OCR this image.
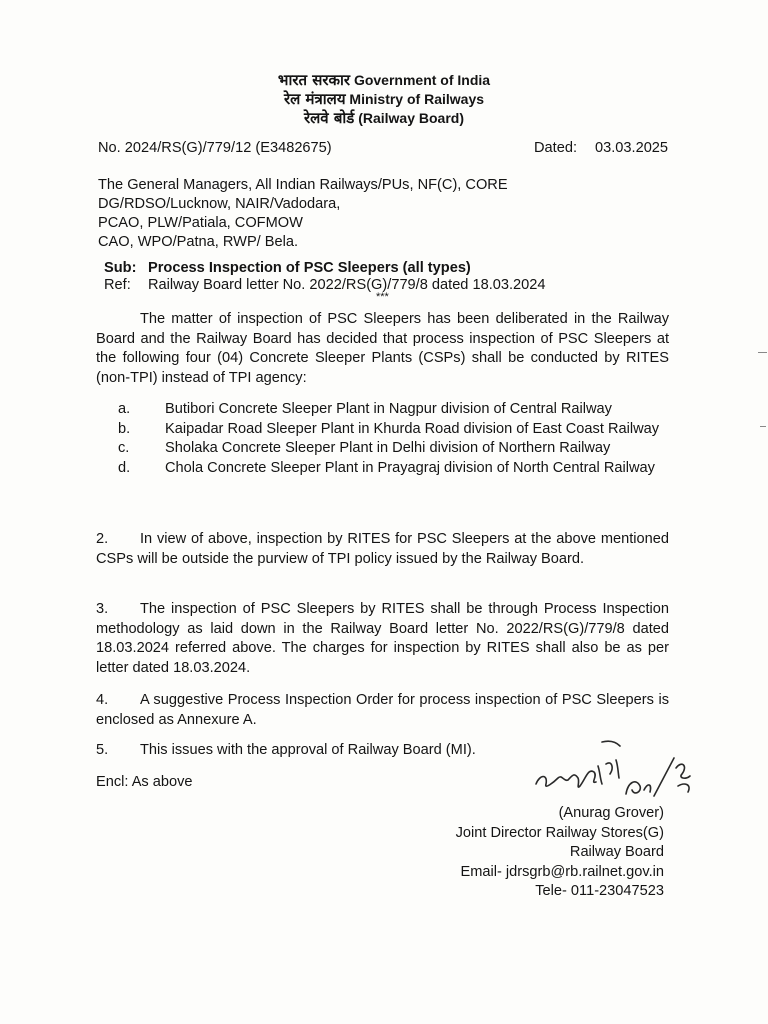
भारत सरकार Government of India
रेल मंत्रालय Ministry of Railways
रेलवे बोर्ड (Railway Board)
No. 2024/RS(G)/779/12 (E3482675)	Dated: 03.03.2025
The General Managers, All Indian Railways/PUs, NF(C), CORE
DG/RDSO/Lucknow, NAIR/Vadodara,
PCAO, PLW/Patiala, COFMOW
CAO, WPO/Patna, RWP/ Bela.
Sub: Process Inspection of PSC Sleepers (all types)
Ref: Railway Board letter No. 2022/RS(G)/779/8 dated 18.03.2024
***
The matter of inspection of PSC Sleepers has been deliberated in the Railway Board and the Railway Board has decided that process inspection of PSC Sleepers at the following four (04) Concrete Sleeper Plants (CSPs) shall be conducted by RITES (non-TPI) instead of TPI agency:
a.	Butibori Concrete Sleeper Plant in Nagpur division of Central Railway
b.	Kaipadar Road Sleeper Plant in Khurda Road division of East Coast Railway
c.	Sholaka Concrete Sleeper Plant in Delhi division of Northern Railway
d.	Chola Concrete Sleeper Plant in Prayagraj division of North Central Railway
2. In view of above, inspection by RITES for PSC Sleepers at the above mentioned CSPs will be outside the purview of TPI policy issued by the Railway Board.
3. The inspection of PSC Sleepers by RITES shall be through Process Inspection methodology as laid down in the Railway Board letter No. 2022/RS(G)/779/8 dated 18.03.2024 referred above. The charges for inspection by RITES shall also be as per letter dated 18.03.2024.
4. A suggestive Process Inspection Order for process inspection of PSC Sleepers is enclosed as Annexure A.
5. This issues with the approval of Railway Board (MI).
Encl: As above
(Anurag Grover)
Joint Director Railway Stores(G)
Railway Board
Email- jdrsgrb@rb.railnet.gov.in
Tele- 011-23047523
